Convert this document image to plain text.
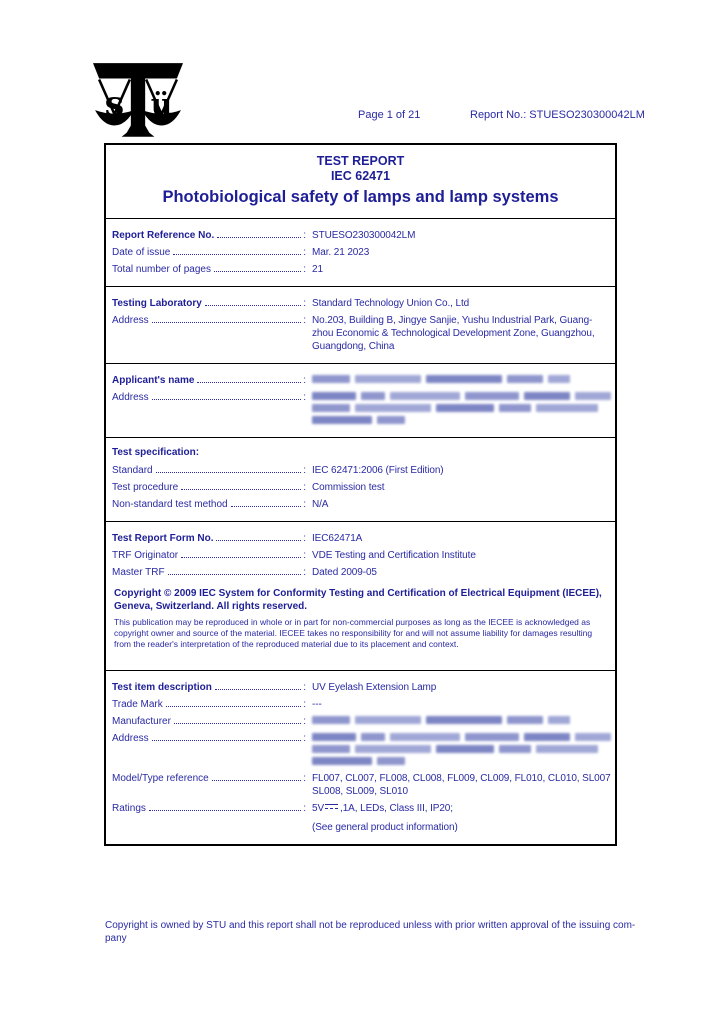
s ü	Page 1 of 21	Report No.: STUESO230300042LM
TEST REPORT
IEC 62471
Photobiological safety of lamps and lamp systems
Report Reference No.	: STUESO230300042LM
Date of issue	: Mar. 21 2023
Total number of pages	: 21
Testing Laboratory	: Standard Technology Union Co., Ltd
Address	: No.203, Building B, Jingye Sanjie, Yushu Industrial Park, Guang-
zhou Economic & Technological Development Zone, Guangzhou,
Guangdong, China
Applicant's name	:
Address	:
Test specification:
Standard	: IEC 62471:2006 (First Edition)
Test procedure	: Commission test
Non-standard test method	: N/A
Test Report Form No.	: IEC62471A
TRF Originator	: VDE Testing and Certification Institute
Master TRF	: Dated 2009-05
Copyright © 2009 IEC System for Conformity Testing and Certification of Electrical Equipment (IECEE), Geneva, Switzerland. All rights reserved.
This publication may be reproduced in whole or in part for non-commercial purposes as long as the IECEE is acknowledged as copyright owner and source of the material. IECEE takes no responsibility for and will not assume liability for damages resulting from the reader's interpretation of the reproduced material due to its placement and context.
Test item description	: UV Eyelash Extension Lamp
Trade Mark	: ---
Manufacturer	:
Address	:
Model/Type reference	: FL007, CL007, FL008, CL008, FL009, CL009, FL010, CL010, SL007
SL008, SL009, SL010
Ratings	: 5V ,1A, LEDs, Class III, IP20;
(See general product information)
Copyright is owned by STU and this report shall not be reproduced unless with prior written approval of the issuing com-
pany
